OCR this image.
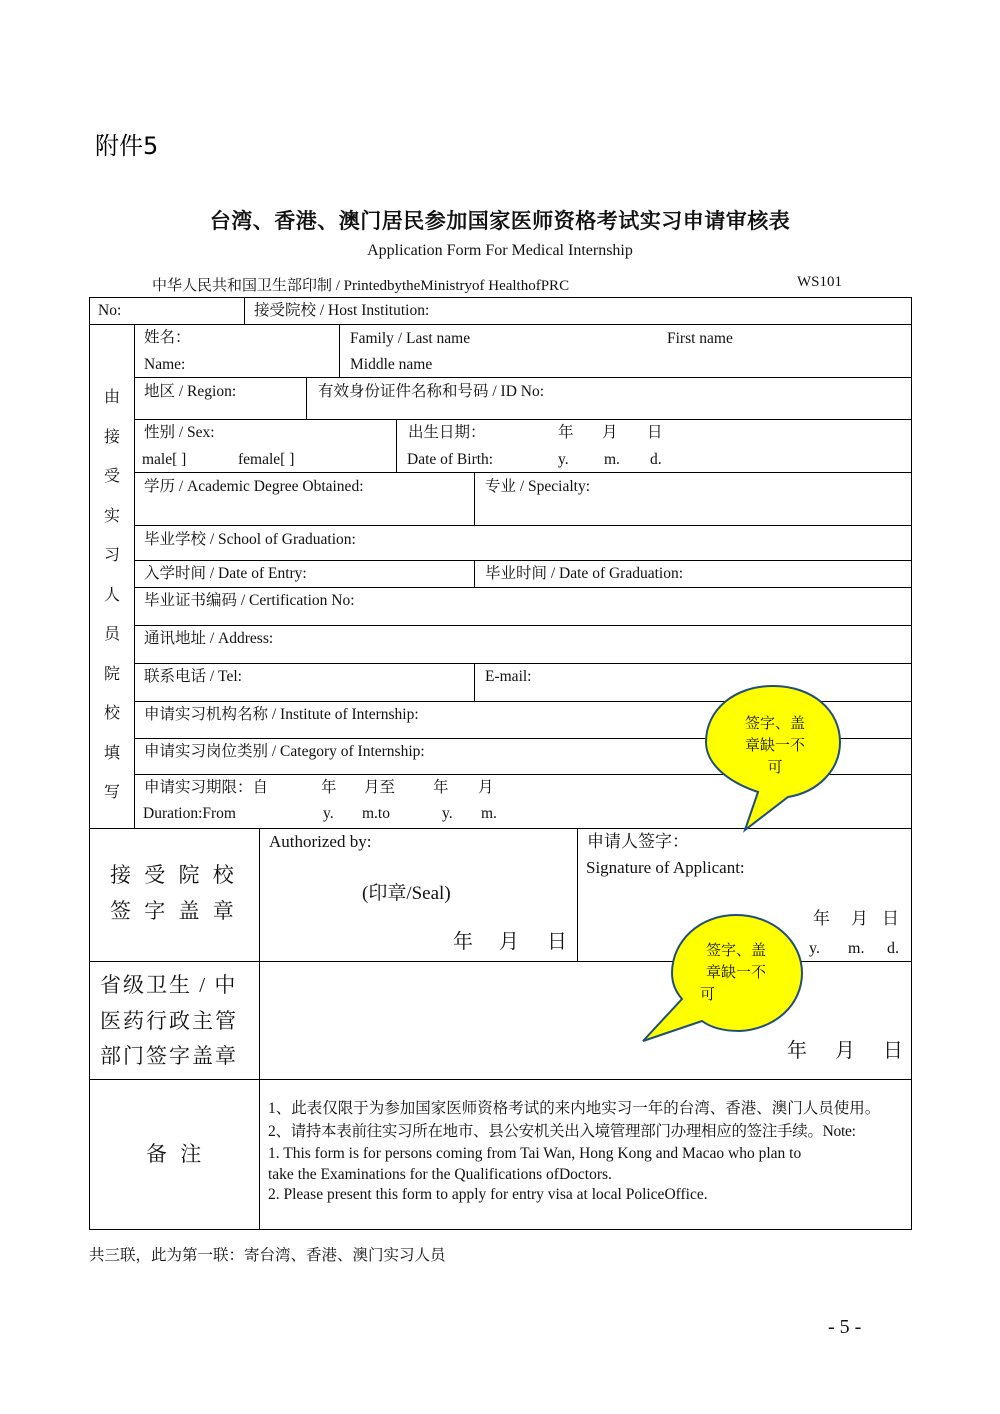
附件5
台湾、香港、澳门居民参加国家医师资格考试实习申请审核表
Application Form For Medical Internship
中华人民共和国卫生部印制 / PrintedbytheMinistryof HealthofPRC	WS101
No:	接受院校 / Host Institution:
由
接
受
实
习
人
员
院
校
填
写
姓名：
Name:
Family / Last name	First name
Middle name
地区 / Region:	有效身份证件名称和号码 / ID No:
性别 / Sex:
male[ ]	female[ ]
出生日期：	年 月 日
Date of Birth:	y. m. d.
学历 / Academic Degree Obtained:	专业 / Specialty:
毕业学校 / School of Graduation:
入学时间 / Date of Entry:	毕业时间 / Date of Graduation:
毕业证书编码 / Certification No:
通讯地址 / Address:
联系电话 / Tel:	E-mail:
申请实习机构名称 / Institute of Internship:
申请实习岗位类别 / Category of Internship:
申请实习期限：自	年 月至 年 月
Duration:From	y. m.to	y. m.
接 受 院 校
签 字 盖 章
Authorized by:
(印章/Seal)
年 月 日
申请人签字：
Signature of Applicant:
年 月 日
y. m. d.
省级卫生 / 中
医药行政主管
部门签字盖章	年 月 日
备 注
1、此表仅限于为参加国家医师资格考试的来内地实习一年的台湾、香港、澳门人员使用。
2、请持本表前往实习所在地市、县公安机关出入境管理部门办理相应的签注手续。Note:
1. This form is for persons coming from Tai Wan, Hong Kong and Macao who plan to
take the Examinations for the Qualifications ofDoctors.
2. Please present this form to apply for entry visa at local PoliceOffice.
签字、盖
章缺一不
可
签字、盖
章缺一不
可
共三联，此为第一联：寄台湾、香港、澳门实习人员
- 5 -
